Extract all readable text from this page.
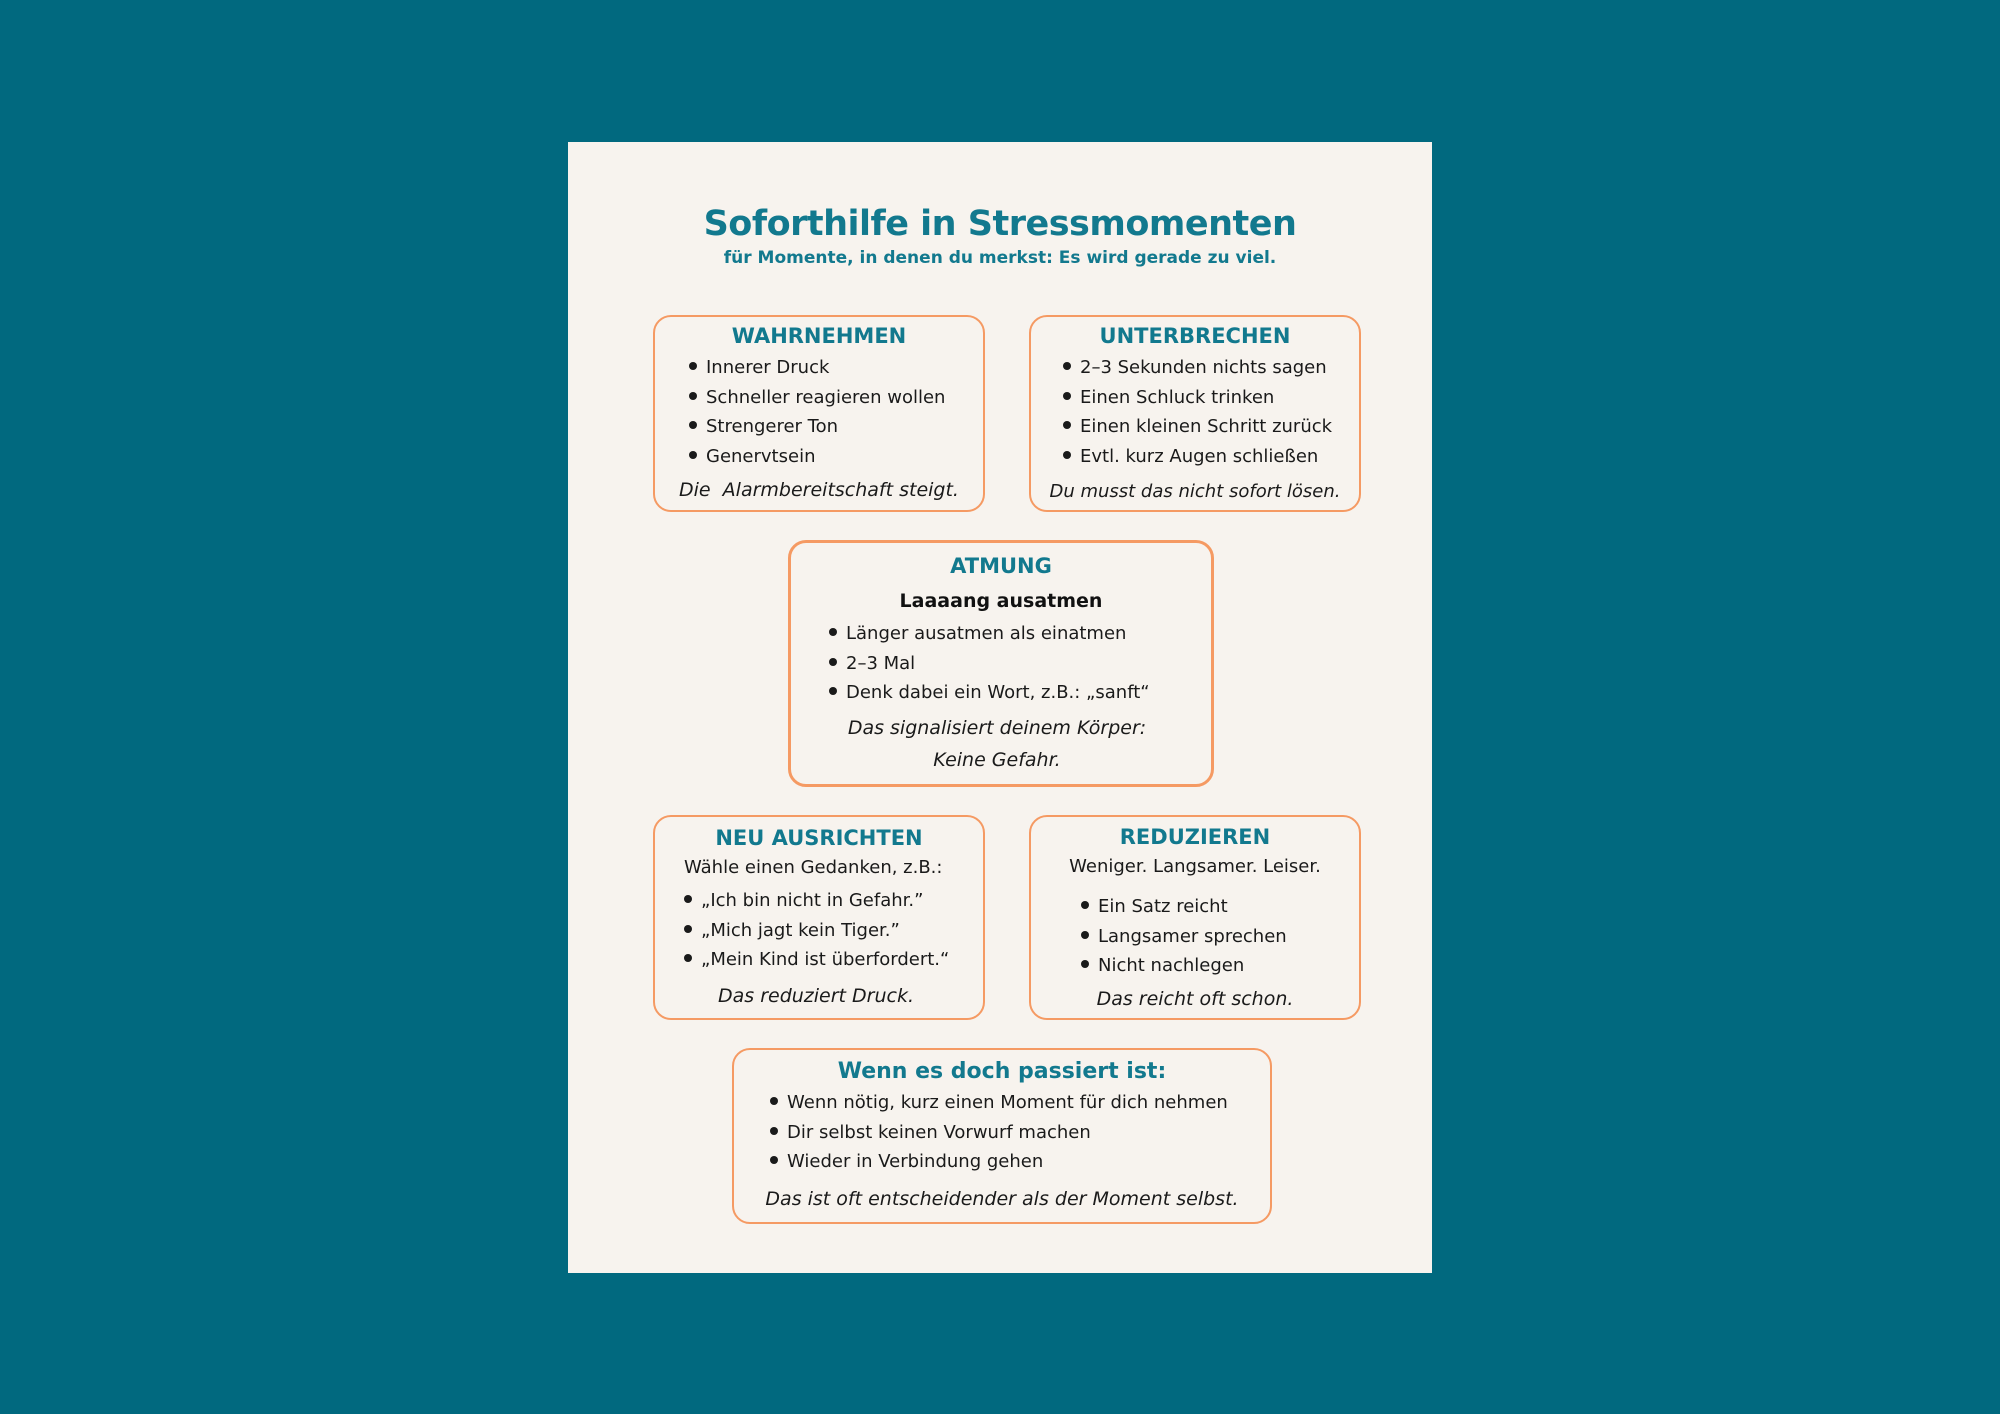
Soforthilfe in Stressmomenten

für Momente, in denen du merkst: Es wird gerade zu viel.

WAHRNEHMEN
Innerer Druck
Schneller reagieren wollen
Strengerer Ton
Genervtsein

Die  Alarmbereitschaft steigt.

UNTERBRECHEN
2–3 Sekunden nichts sagen
Einen Schluck trinken
Einen kleinen Schritt zurück
Evtl. kurz Augen schließen

Du musst das nicht sofort lösen.

ATMUNG

Laaaang ausatmen

Länger ausatmen als einatmen
2–3 Mal
Denk dabei ein Wort, z.B.: „sanft“

Das signalisiert deinem Körper:

Keine Gefahr.

NEU AUSRICHTEN

Wähle einen Gedanken, z.B.:

„Ich bin nicht in Gefahr.”
„Mich jagt kein Tiger.”
„Mein Kind ist überfordert.“

Das reduziert Druck.

REDUZIEREN

Weniger. Langsamer. Leiser.

Ein Satz reicht
Langsamer sprechen
Nicht nachlegen

Das reicht oft schon.

Wenn es doch passiert ist:
Wenn nötig, kurz einen Moment für dich nehmen
Dir selbst keinen Vorwurf machen
Wieder in Verbindung gehen

Das ist oft entscheidender als der Moment selbst.
